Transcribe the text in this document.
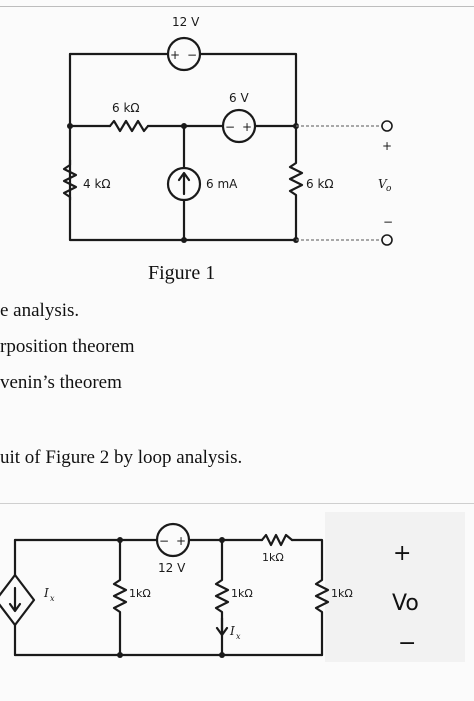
12 V
+ −
6 V
− +
6 kΩ
4 kΩ	6 mA	6 kΩ
+
V o
−
Figure 1
e analysis.
rposition theorem
venin’s theorem
uit of Figure 2 by loop analysis.
− +
12 V
1kΩ
1kΩ	1kΩ	1kΩ
I x
I x
+
Vo
−
